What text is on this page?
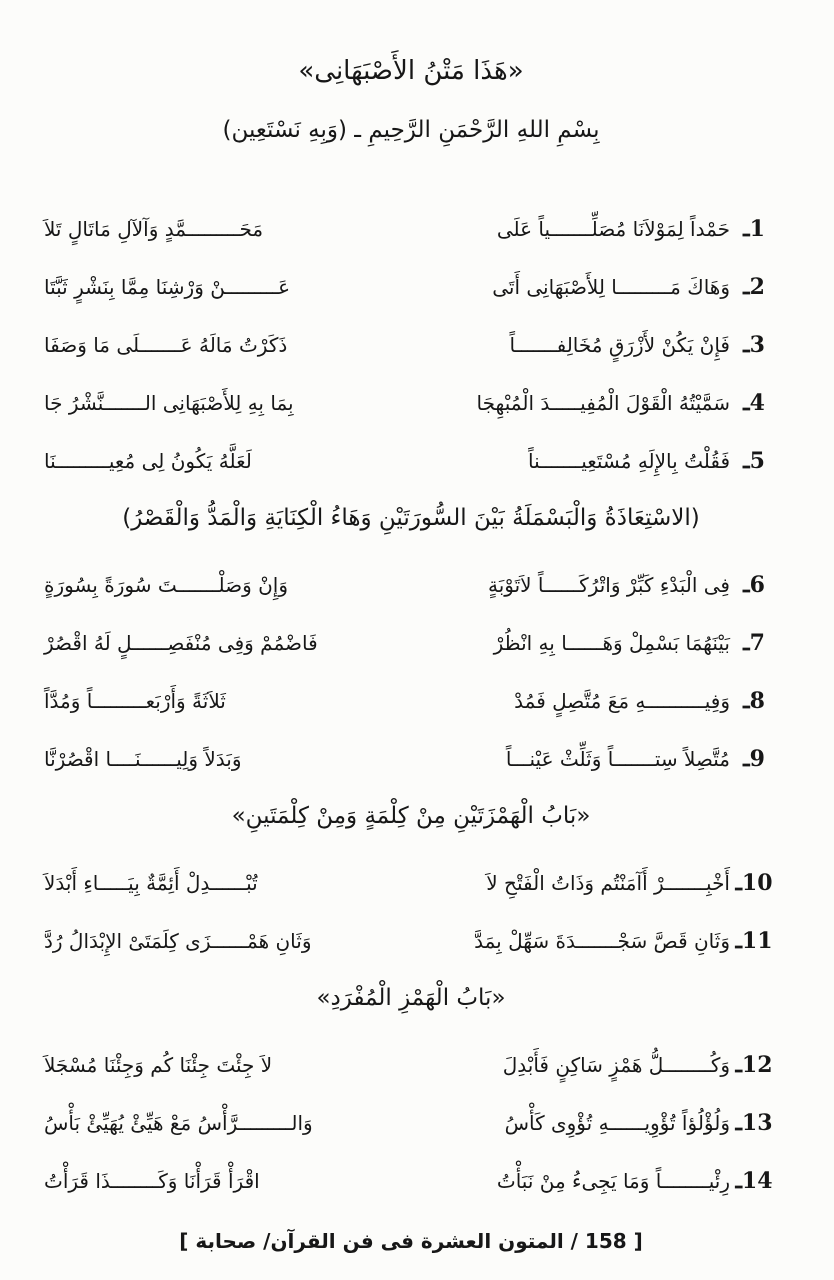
«هَذَا مَتْنُ الأَصْبَهَانِى»
بِسْمِ اللهِ الرَّحْمَنِ الرَّحِيمِ ـ (وَبِهِ نَسْتَعِين)
1ـ
حَمْداً لِمَوْلاَنَا مُصَلِّـــــــياً عَلَى
مَحَـــــــــمَّدٍ وَآلآلِ مَاتَالٍ تَلاَ
2ـ
وَهَاكَ مَـــــــــا لِلأَصْبَهَانِى أَتَى
عَـــــــــنْ وَرْشِنَا مِمَّا بِنَشْرٍ ثَبَّتَا
3ـ
فَإِنْ يَكُنْ لأَزْرَقٍ مُخَالِفـــــــاً
ذَكَرْتُ مَالَهُ عَـــــــلَى مَا وَصَفَا
4ـ
سَمَّيْتُهُ الْقَوْلَ الْمُفِيـــــدَ الْمُبْهِجَا
بِمَا بِهِ لِلأَصْبَهَانِى الـــــــنَّشْرُ جَا
5ـ
فَقُلْتُ بِالإِلَهِ مُسْتَعِيـــــــناً
لَعَلَّهُ يَكُونُ لِى مُعِيـــــــــنَا
(الاسْتِعَاذَةُ وَالْبَسْمَلَةُ بَيْنَ السُّورَتَيْنِ وَهَاءُ الْكِنَايَةِ وَالْمَدُّ وَالْقَصْرُ)
6ـ
فِى الْبَدْءِ كَبِّرْ وَاتْرُكَــــــاً لاَتَوْبَةٍ
وَإِنْ وَصَلْـــــــتَ سُورَةً بِسُورَةٍ
7ـ
بَيْنَهُمَا بَسْمِلْ وَهَــــــا بِهِ انْظُرْ
فَاضْمُمْ وَفِى مُنْفَصِــــــلٍ لَهُ اقْصُرْ
8ـ
وَفِيــــــــــهِ مَعَ مُتَّصِلٍ فَمُدْ
ثَلاَثَةً وَأَرْبَعـــــــــاً وَمُدَّاً
9ـ
مُتَّصِلاً سِتـــــــاً وَثَلِّثْ عَيْنـــاً
وَبَدَلاً وَلِيــــــنَــــا اقْصُرْنَّا
«بَابُ الْهَمْزَتَيْنِ مِنْ كِلْمَةٍ وَمِنْ كِلْمَتَينِ»
10ـ
أَخْبِـــــــرْ أَآمَنْتُم وَذَاتُ الْفَتْحِ لاَ
تُبْــــــدِلْ أَئِمَّةٌ بِيَـــــاءِ أَبْدَلاَ
11ـ
وَثَانِ قَصَّ سَجْـــــــدَةَ سَهِّلْ بِمَدَّ
وَثَانِ هَمْــــــزَى كِلَمَتَىْ الإِبْدَالُ رُدَّ
«بَابُ الْهَمْزِ الْمُفْرَدِ»
12ـ
وَكُــــــــلُّ هَمْزٍ سَاكِنٍ فَأَبْدِلَ
لاَ جِئْتَ جِئْنَا كُم وَجِئْنَا مُسْجَلاَ
13ـ
وَلُؤْلُؤاً تُؤْوِيــــــهِ تُؤْوِى كَأْسُ
وَالـــــــــرَّأْسُ مَعْ هَيِّئْ يُهَيِّئْ بَأْسُ
14ـ
رِئْيــــــــاً وَمَا يَجِىءُ مِنْ نَبَأْتُ
اقْرَأْ قَرَأْنَا وَكَــــــــذَا قَرَأْتُ
[ 158 / المتون العشرة فى فن القرآن/ صحابة ]
